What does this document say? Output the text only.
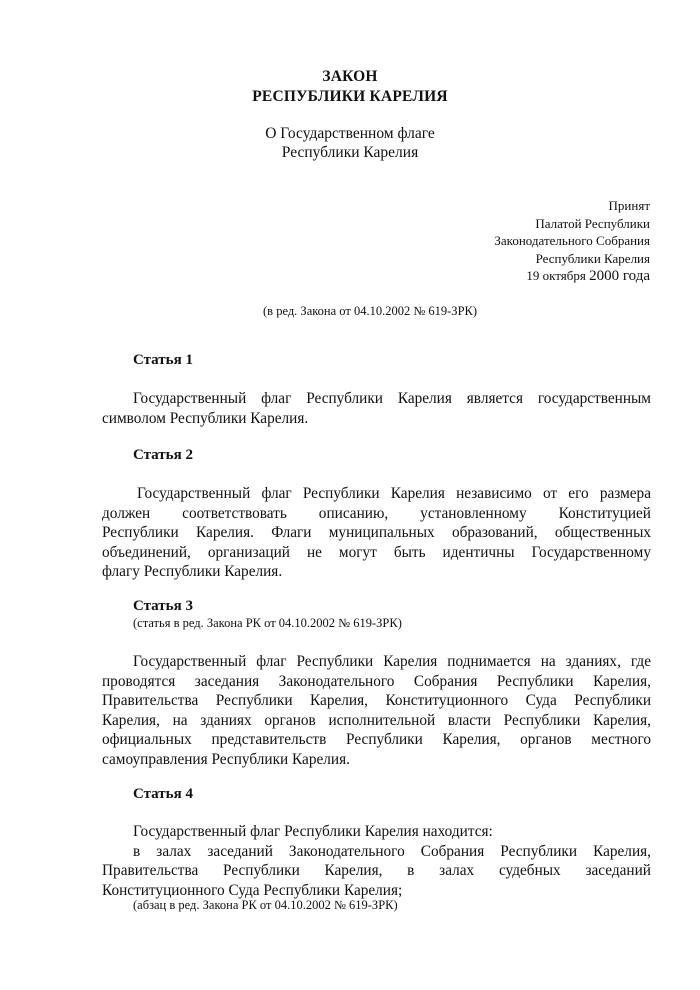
ЗАКОН
РЕСПУБЛИКИ КАРЕЛИЯ
О Государственном флаге
Республики Карелия
Принят
Палатой Республики
Законодательного Собрания
Республики Карелия
19 октября 2000 года
(в ред. Закона от 04.10.2002 № 619-ЗРК)
Статья 1
Государственный флаг Республики Карелия является государственным
символом Республики Карелия.
Статья 2
Государственный флаг Республики Карелия независимо от его размера
должен соответствовать описанию, установленному Конституцией
Республики Карелия. Флаги муниципальных образований, общественных
объединений, организаций не могут быть идентичны Государственному
флагу Республики Карелия.
Статья 3
(статья в ред. Закона РК от 04.10.2002 № 619-ЗРК)
Государственный флаг Республики Карелия поднимается на зданиях, где
проводятся заседания Законодательного Собрания Республики Карелия,
Правительства Республики Карелия, Конституционного Суда Республики
Карелия, на зданиях органов исполнительной власти Республики Карелия,
официальных представительств Республики Карелия, органов местного
самоуправления Республики Карелия.
Статья 4
Государственный флаг Республики Карелия находится:
в залах заседаний Законодательного Собрания Республики Карелия,
Правительства Республики Карелия, в залах судебных заседаний
Конституционного Суда Республики Карелия;
(абзац в ред. Закона РК от 04.10.2002 № 619-ЗРК)
